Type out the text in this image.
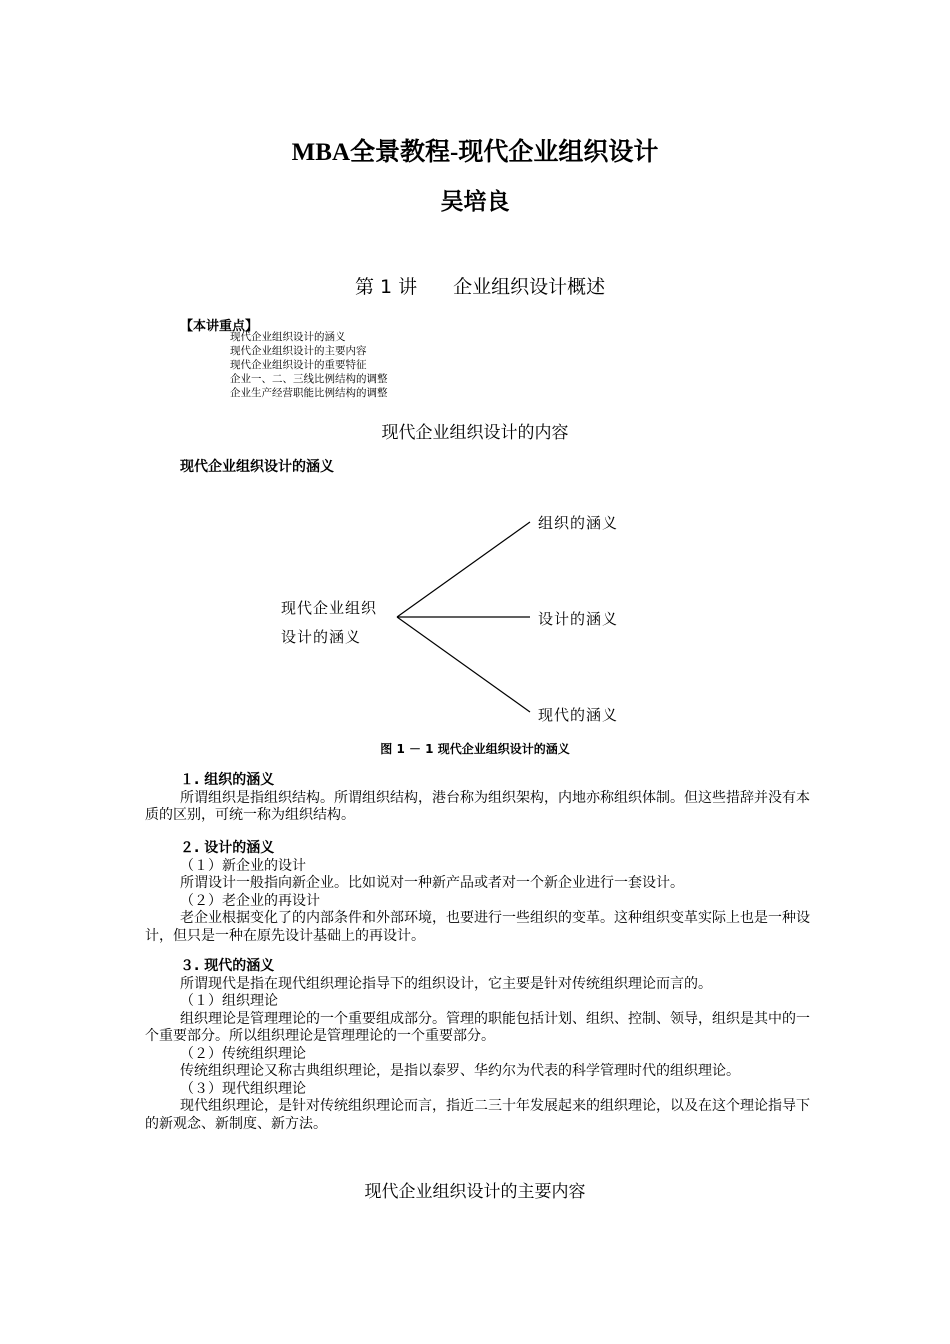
MBA全景教程-现代企业组织设计
吴培良
第 1 讲 企业组织设计概述
【本讲重点】
现代企业组织设计的涵义
现代企业组织设计的主要内容
现代企业组织设计的重要特征
企业一、二、三线比例结构的调整
企业生产经营职能比例结构的调整
现代企业组织设计的内容
现代企业组织设计的涵义
现代企业组织
设计的涵义
组织的涵义
设计的涵义
现代的涵义
图 1 － 1 现代企业组织设计的涵义
１. 组织的涵义
所谓组织是指组织结构。所谓组织结构，港台称为组织架构，内地亦称组织体制。但这些措辞并没有本质的区别，可统一称为组织结构。
２. 设计的涵义
（１）新企业的设计
所谓设计一般指向新企业。比如说对一种新产品或者对一个新企业进行一套设计。
（２）老企业的再设计
老企业根据变化了的内部条件和外部环境，也要进行一些组织的变革。这种组织变革实际上也是一种设计，但只是一种在原先设计基础上的再设计。
３. 现代的涵义
所谓现代是指在现代组织理论指导下的组织设计，它主要是针对传统组织理论而言的。
（１）组织理论
组织理论是管理理论的一个重要组成部分。管理的职能包括计划、组织、控制、领导，组织是其中的一个重要部分。所以组织理论是管理理论的一个重要部分。
（２）传统组织理论
传统组织理论又称古典组织理论，是指以泰罗、华约尔为代表的科学管理时代的组织理论。
（３）现代组织理论
现代组织理论，是针对传统组织理论而言，指近二三十年发展起来的组织理论，以及在这个理论指导下的新观念、新制度、新方法。
现代企业组织设计的主要内容
